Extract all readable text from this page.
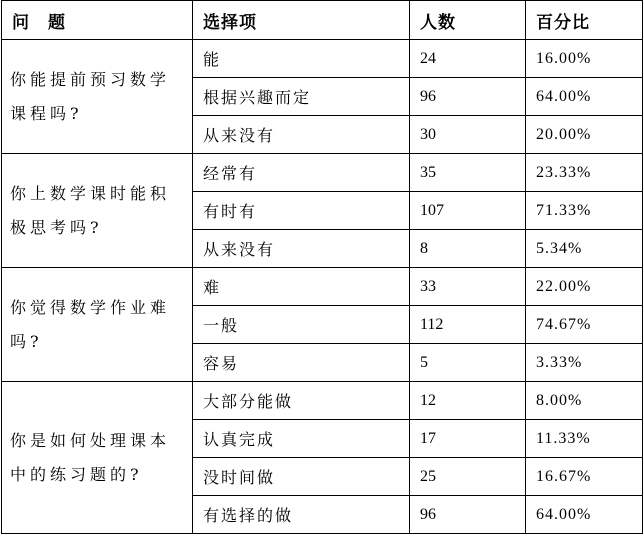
问　题	选择项	人数	百分比
你能提前预习数学课程吗?	能	24	16.00%
	根据兴趣而定	96	64.00%
	从来没有	30	20.00%
你上数学课时能积极思考吗?	经常有	35	23.33%
	有时有	107	71.33%
	从来没有	8	5.34%
你觉得数学作业难吗?	难	33	22.00%
	一般	112	74.67%
	容易	5	3.33%
你是如何处理课本中的练习题的?	大部分能做	12	8.00%
	认真完成	17	11.33%
	没时间做	25	16.67%
	有选择的做	96	64.00%
